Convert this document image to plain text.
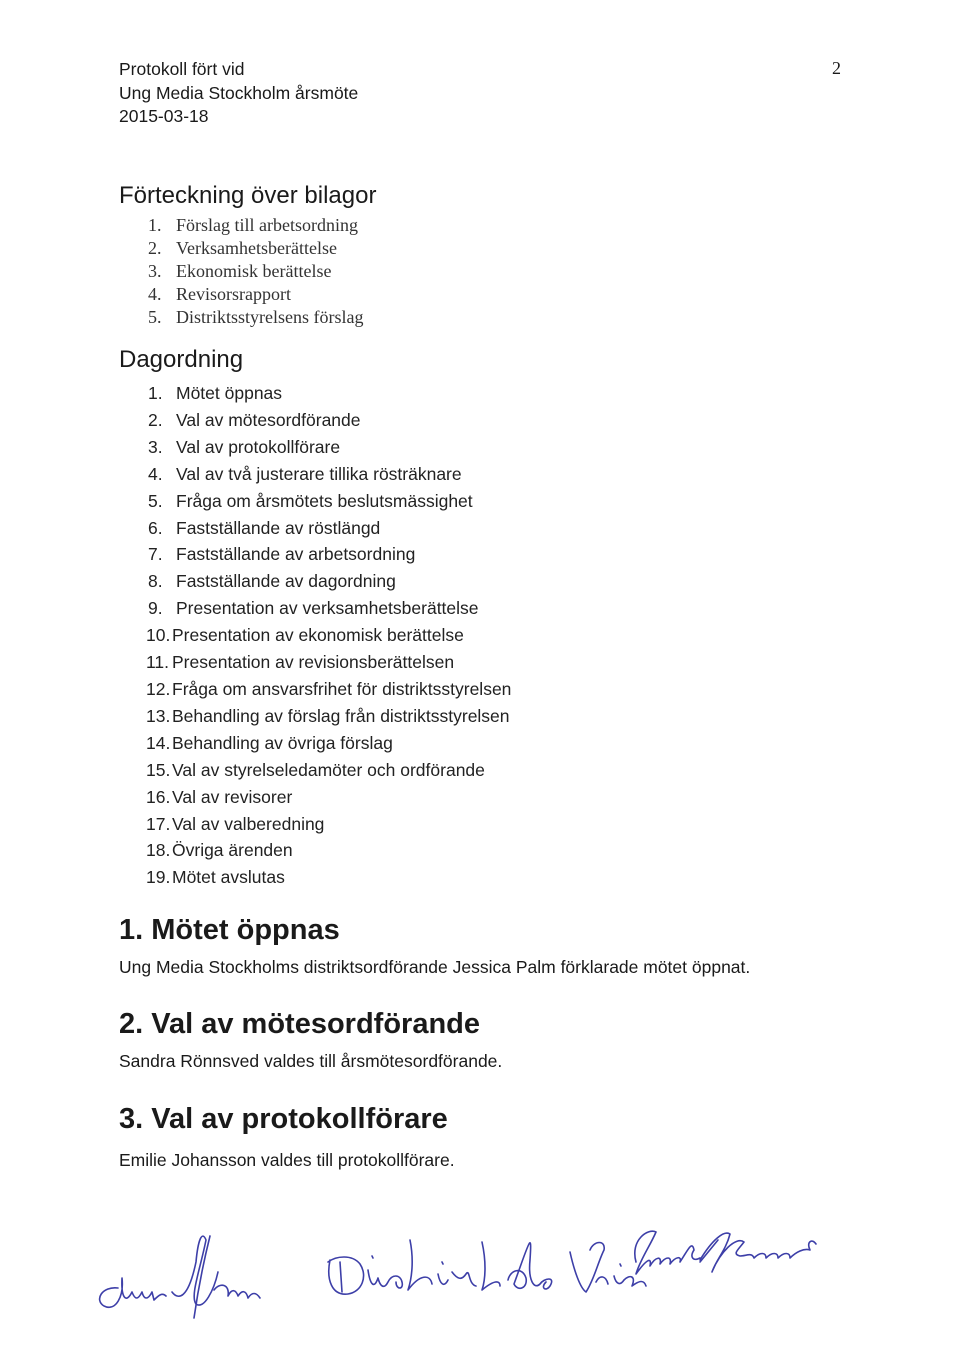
Protokoll fört vid
Ung Media Stockholm årsmöte
2015-03-18
2
Förteckning över bilagor
1. Förslag till arbetsordning
2. Verksamhetsberättelse
3. Ekonomisk berättelse
4. Revisorsrapport
5. Distriktsstyrelsens förslag
Dagordning
1. Mötet öppnas
2. Val av mötesordförande
3. Val av protokollförare
4. Val av två justerare tillika rösträknare
5. Fråga om årsmötets beslutsmässighet
6. Fastställande av röstlängd
7. Fastställande av arbetsordning
8. Fastställande av dagordning
9. Presentation av verksamhetsberättelse
10.Presentation av ekonomisk berättelse
11. Presentation av revisionsberättelsen
12.Fråga om ansvarsfrihet för distriktsstyrelsen
13.Behandling av förslag från distriktsstyrelsen
14.Behandling av övriga förslag
15.Val av styrelseledamöter och ordförande
16.Val av revisorer
17.Val av valberedning
18.Övriga ärenden
19.Mötet avslutas
1. Mötet öppnas

Ung Media Stockholms distriktsordförande Jessica Palm förklarade mötet öppnat.

2. Val av mötesordförande

Sandra Rönnsved valdes till årsmötesordförande.

3. Val av protokollförare

Emilie Johansson valdes till protokollförare.
